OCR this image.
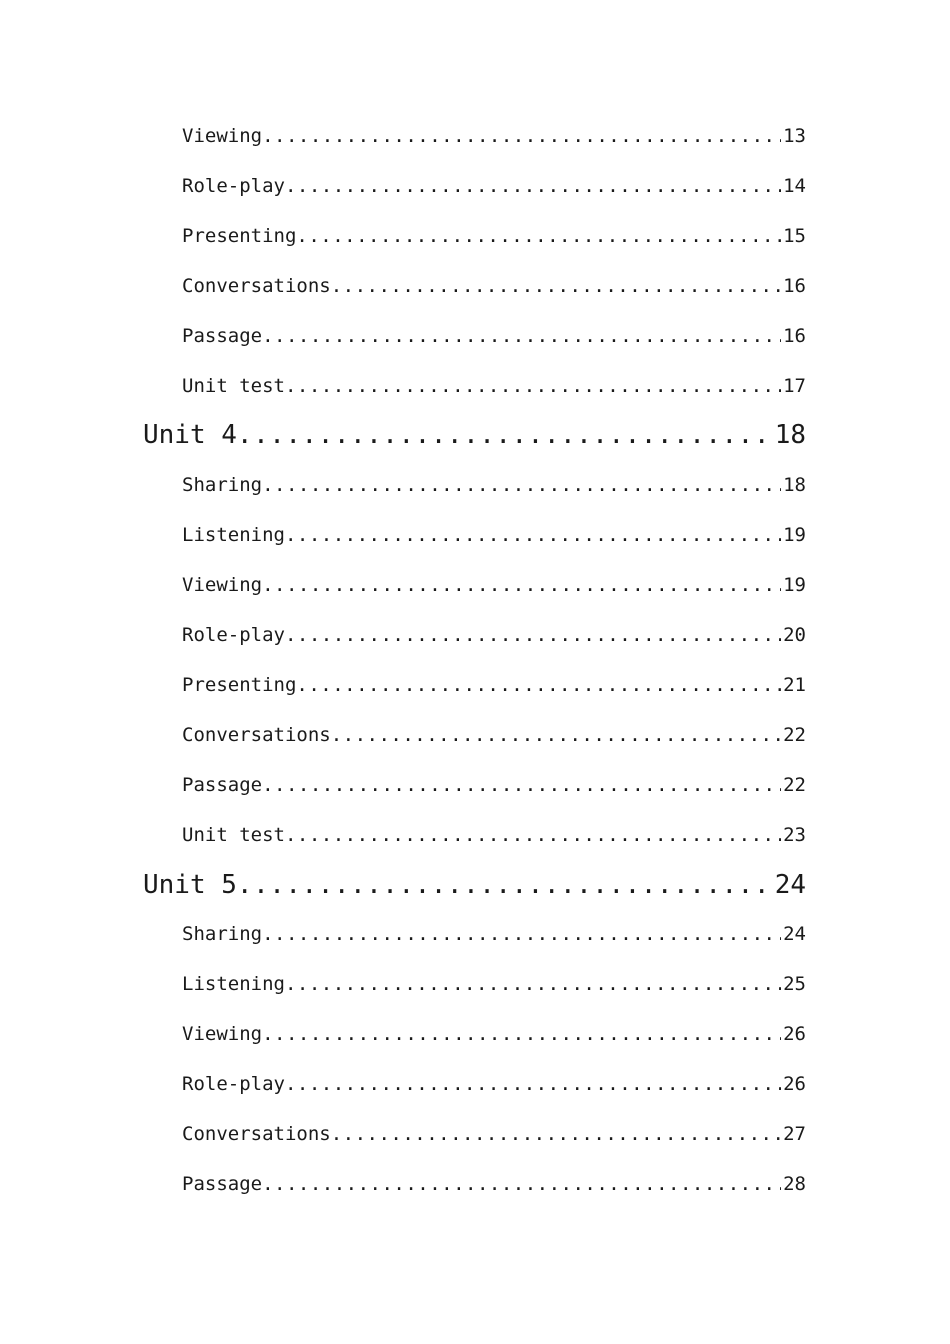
Viewing .....	13
Role-play .....	14
Presenting .....	15
Conversations .....	16
Passage .....	16
Unit test .....	17
Unit 4 .....	18
Sharing .....	18
Listening .....	19
Viewing .....	19
Role-play .....	20
Presenting .....	21
Conversations .....	22
Passage .....	22
Unit test .....	23
Unit 5 .....	24
Sharing .....	24
Listening .....	25
Viewing .....	26
Role-play .....	26
Conversations .....	27
Passage .....	28
